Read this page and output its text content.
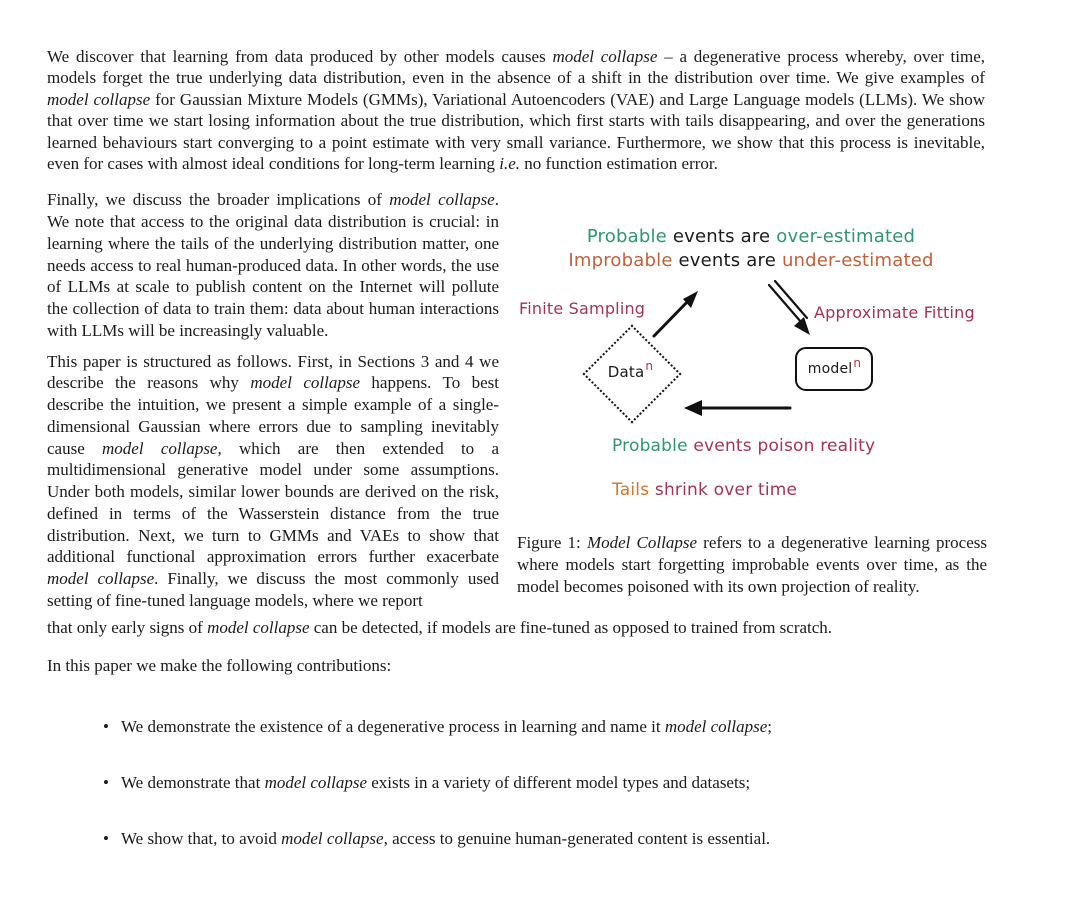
We discover that learning from data produced by other models causes model collapse – a degenerative process whereby, over time, models forget the true underlying data distribution, even in the absence of a shift in the distribution over time. We give examples of model collapse for Gaussian Mixture Models (GMMs), Variational Autoencoders (VAE) and Large Language models (LLMs). We show that over time we start losing information about the true distribution, which first starts with tails disappearing, and over the generations learned behaviours start converging to a point estimate with very small variance. Furthermore, we show that this process is inevitable, even for cases with almost ideal conditions for long-term learning i.e. no function estimation error.

Finally, we discuss the broader implications of model collapse. We note that access to the original data distribution is crucial: in learning where the tails of the underlying distribution matter, one needs access to real human-produced data. In other words, the use of LLMs at scale to publish content on the Internet will pollute the collection of data to train them: data about human interactions with LLMs will be increasingly valuable.

This paper is structured as follows. First, in Sections 3 and 4 we describe the reasons why model collapse happens. To best describe the intuition, we present a simple example of a single-dimensional Gaussian where errors due to sampling inevitably cause model collapse, which are then extended to a multidimensional generative model under some assumptions. Under both models, similar lower bounds are derived on the risk, defined in terms of the Wasserstein distance from the true distribution. Next, we turn to GMMs and VAEs to show that additional functional approximation errors further exacerbate model collapse. Finally, we discuss the most commonly used setting of fine-tuned language models, where we report

Probable events are over-estimated
Improbable events are under-estimated
Finite Sampling	Approximate Fitting
Data$^n$	model$^n$
Probable events poison reality
Tails shrink over time

Figure 1: Model Collapse refers to a degenerative learning process where models start forgetting improbable events over time, as the model becomes poisoned with its own projection of reality.

that only early signs of model collapse can be detected, if models are fine-tuned as opposed to trained from scratch.

In this paper we make the following contributions:

• We demonstrate the existence of a degenerative process in learning and name it model collapse;
• We demonstrate that model collapse exists in a variety of different model types and datasets;
• We show that, to avoid model collapse, access to genuine human-generated content is essential.
